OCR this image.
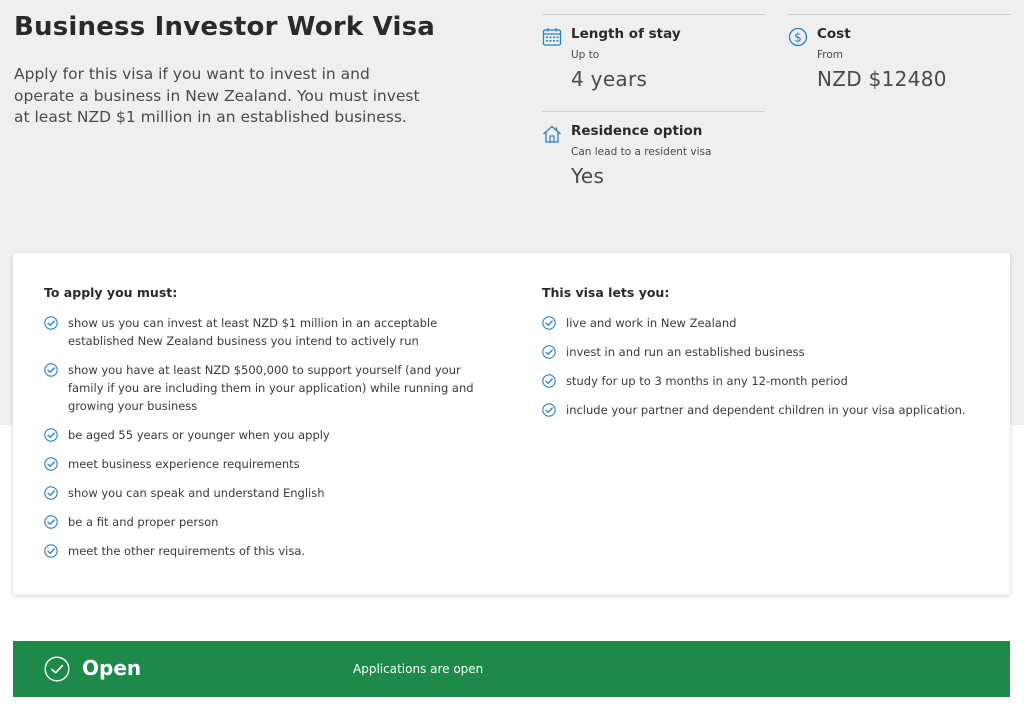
Business Investor Work Visa

Apply for this visa if you want to invest in and operate a business in New Zealand. You must invest at least NZD $1 million in an established business.

Length of stay
Up to
4 years
$ Cost
From
NZD $12480
Residence option
Can lead to a resident visa
Yes
To apply you must:
show us you can invest at least NZD $1 million in an acceptable established New Zealand business you intend to actively run
show you have at least NZD $500,000 to support yourself (and your family if you are including them in your application) while running and growing your business
be aged 55 years or younger when you apply
meet business experience requirements
show you can speak and understand English
be a fit and proper person
meet the other requirements of this visa.
This visa lets you:
live and work in New Zealand
invest in and run an established business
study for up to 3 months in any 12-month period
include your partner and dependent children in your visa application.
Open	Applications are open
